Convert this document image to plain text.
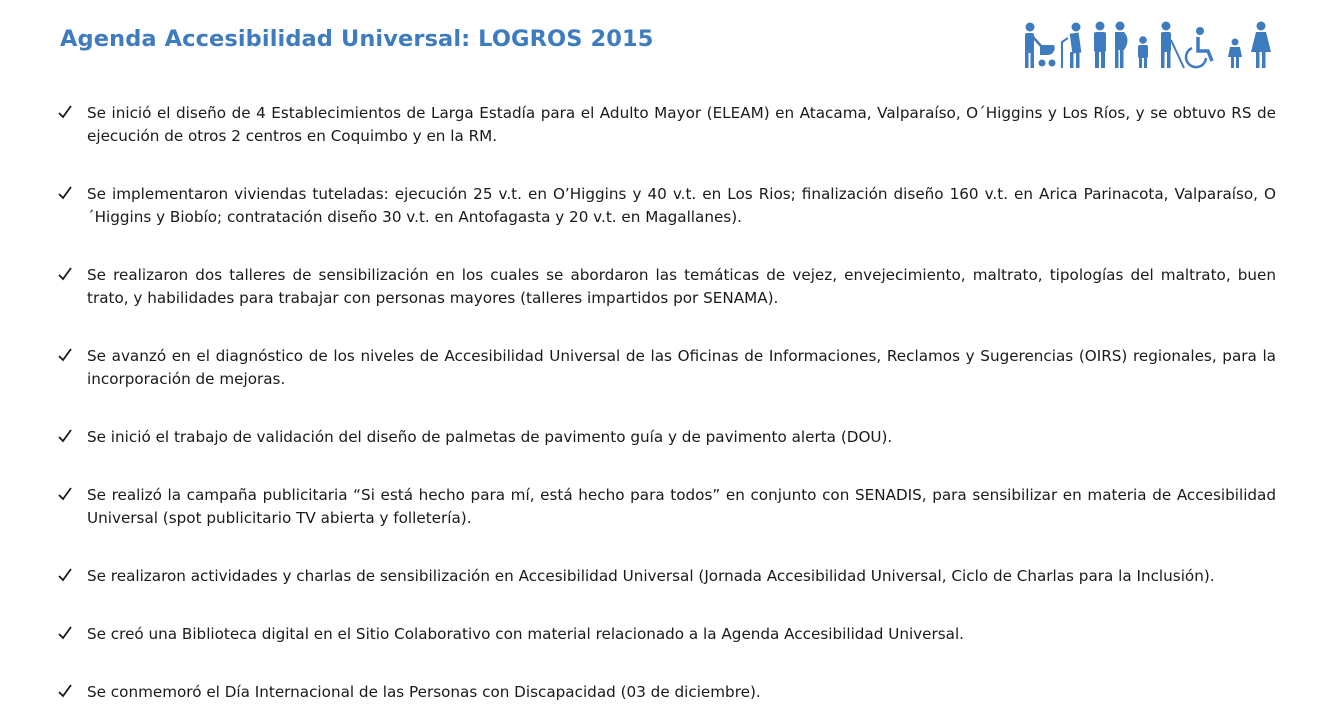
Agenda Accesibilidad Universal: LOGROS 2015
Se inició el diseño de 4 Establecimientos de Larga Estadía para el Adulto Mayor (ELEAM) en Atacama, Valparaíso, O´Higgins y Los Ríos, y se obtuvo RS de ejecución de otros 2 centros en Coquimbo y en la RM.
Se implementaron viviendas tuteladas: ejecución 25 v.t. en O’Higgins y 40 v.t. en Los Rios; finalización diseño 160 v.t. en Arica Parinacota, Valparaíso, O´Higgins y Biobío; contratación diseño 30 v.t. en Antofagasta y 20 v.t. en Magallanes).
Se realizaron dos talleres de sensibilización en los cuales se abordaron las temáticas de vejez, envejecimiento, maltrato, tipologías del maltrato, buen trato, y habilidades para trabajar con personas mayores (talleres impartidos por SENAMA).
Se avanzó en el diagnóstico de los niveles de Accesibilidad Universal de las Oficinas de Informaciones, Reclamos y Sugerencias (OIRS) regionales, para la incorporación de mejoras.
Se inició el trabajo de validación del diseño de palmetas de pavimento guía y de pavimento alerta (DOU).
Se realizó la campaña publicitaria “Si está hecho para mí, está hecho para todos” en conjunto con SENADIS, para sensibilizar en materia de Accesibilidad Universal (spot publicitario TV abierta y folletería).
Se realizaron actividades y charlas de sensibilización en Accesibilidad Universal (Jornada Accesibilidad Universal, Ciclo de Charlas para la Inclusión).
Se creó una Biblioteca digital en el Sitio Colaborativo con material relacionado a la Agenda Accesibilidad Universal.
Se conmemoró el Día Internacional de las Personas con Discapacidad (03 de diciembre).
